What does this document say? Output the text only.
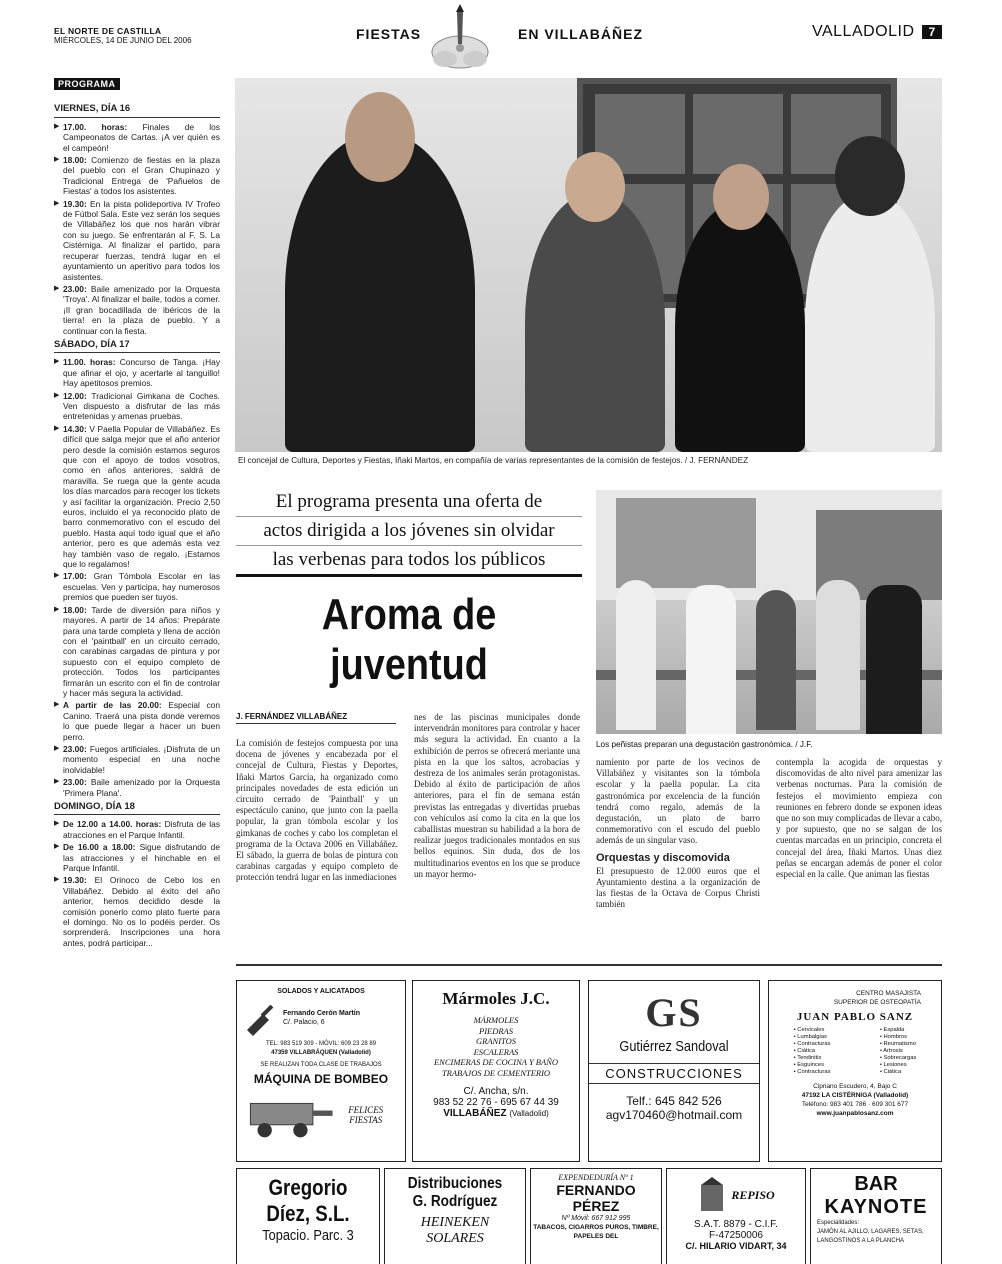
EL NORTE DE CASTILLA
MIÉRCOLES, 14 DE JUNIO DEL 2006	FIESTAS	EN VILLABÁÑEZ	VALLADOLID	7
PROGRAMA
VIERNES, DÍA 16
▶ 17.00. horas: Finales de los Campeonatos de Cartas. ¡A ver quién es el campeón!
▶ 18.00: Comienzo de fiestas en la plaza del pueblo con el Gran Chupinazo y Tradicional Entrega de 'Pañuelos de Fiestas' a todos los asistentes.
▶ 19.30: En la pista polideportiva IV Trofeo de Fútbol Sala. Este vez serán los seques de Villabáñez los que nos harán vibrar con su juego. Se enfrentarán al F. S. La Cistérniga. Al finalizar el partido, para recuperar fuerzas, tendrá lugar en el ayuntamiento un aperitivo para todos los asistentes.
▶ 23.00: Baile amenizado por la Orquesta 'Troya'. Al finalizar el baile, todos a comer. ¡Il gran bocadillada de ibéricos de la tierra! en la plaza de pueblo. Y a continuar con la fiesta.
SÁBADO, DÍA 17
▶ 11.00. horas: Concurso de Tanga. ¡Hay que afinar el ojo, y acertarle al tanguillo! Hay apetitosos premios.
▶ 12.00: Tradicional Gimkana de Coches. Ven dispuesto a disfrutar de las más entretenidas y amenas pruebas.
▶ 14.30: V Paella Popular de Villabáñez. Es difícil que salga mejor que el año anterior pero desde la comisión estamos seguros que con el apoyo de todos vosotros, como en años anteriores, saldrá de maravilla. Se ruega que la gente acuda los días marcados para recoger los tickets y así facilitar la organización. Precio 2,50 euros, incluido el ya reconocido plato de barro conmemorativo con el escudo del pueblo. Hasta aquí todo igual que el año anterior, pero es que además esta vez hay también vaso de regalo. ¡Estamos que lo regalamos!
▶ 17.00: Gran Tómbola Escolar en las escuelas. Ven y participa, hay numerosos premios que pueden ser tuyos.
▶ 18.00: Tarde de diversión para niños y mayores. A partir de 14 años: Prepárate para una tarde completa y llena de acción con el 'paintball' en un circuito cerrado, con carabinas cargadas de pintura y por supuesto con el equipo completo de protección. Todos los participantes firmarán un escrito con el fin de controlar y hacer más segura la actividad.
▶ A partir de las 20.00: Especial con Canino. Traerá una pista donde veremos lo que puede llegar a hacer un buen perro.
▶ 23.00: Fuegos artificiales. ¡Disfruta de un momento especial en una noche inolvidable!
▶ 23.00: Baile amenizado por la Orquesta 'Primera Plana'.
DOMINGO, DÍA 18
▶ De 12.00 a 14.00. horas: Disfruta de las atracciones en el Parque Infantil.
▶ De 16.00 a 18.00: Sigue disfrutando de las atracciones y el hinchable en el Parque Infantil.
▶ 19.30: El Orinoco de Cebo los en Villabáñez. Debido al éxito del año anterior, hemos decidido desde la comisión ponerlo como plato fuerte para el domingo. No os lo podéis perder. Os sorprenderá. Inscripciones una hora antes, podrá participar...
El concejal de Cultura, Deportes y Fiestas, Iñaki Martos, en compañía de varias representantes de la comisión de festejos. / J. FERNÁNDEZ
El programa presenta una oferta de
actos dirigida a los jóvenes sin olvidar
las verbenas para todos los públicos
Aroma de
juventud
J. FERNÁNDEZ VILLABÁÑEZ
Los peñistas preparan una degustación gastronómica. / J.F.
La comisión de festejos compuesta por una docena de jóvenes y encabezada por el concejal de Cultura, Fiestas y Deportes, Iñaki Martos García, ha organizado como principales novedades de esta edición un circuito cerrado de 'Paintball' y un espectáculo canino, que junto con la paella popular, la gran tómbola escolar y los gimkanas de coches y cabo los completan el programa de la Octava 2006 en Villabáñez. El sábado, la guerra de bolas de pintura con carabinas cargadas y equipo completo de protección tendrá lugar en las inmediaciones
nes de las piscinas municipales donde intervendrán monitores para controlar y hacer más segura la actividad. En cuanto a la exhibición de perros se ofrecerá meriante una pista en la que los saltos, acrobacias y destreza de los animales serán protagonistas. Debido al éxito de participación de años anteriores, para el fin de semana están previstas las entregadas y divertidas pruebas con vehículos así como la cita en la que los caballistas muestran su habilidad a la hora de realizar juegos tradicionales montados en sus bellos equinos. Sin duda, dos de los multitudinarios eventos en los que se produce un mayor hermo-
namiento por parte de los vecinos de Villabáñez y visitantes son la tómbola escolar y la paella popular. La cita gastronómica por excelencia de la función tendrá como regalo, además de la degustación, un plato de barro conmemorativo con el escudo del pueblo además de un singular vaso.
Orquestas y discomovida
El presupuesto de 12.000 euros que el Ayuntamiento destina a la organización de las fiestas de la Octava de Corpus Christi también
contempla la acogida de orquestas y discomovidas de alto nivel para amenizar las verbenas nocturnas. Para la comisión de festejos el movimiento empieza con reuniones en febrero donde se exponen ideas que no son muy complicadas de llevar a cabo, y por supuesto, que no se salgan de los cuentas marcadas en un principio, concreta el concejal del área, Iñaki Martos. Unas diez peñas se encargan además de poner el color especial en la calle. Que animan las fiestas
SOLADOS Y ALICATADOS
Fernando Cerón Martín
C/. Palacio, 6
TEL: 983 519 309 - MÓVIL: 609 23 28 89
47359 VILLABRÁQUEN (Valladolid)
SE REALIZAN TODA CLASE DE TRABAJOS
MÁQUINA DE BOMBEO
FELICES FIESTAS
Mármoles J.C.
MÁRMOLES
PIEDRAS
GRANITOS
ESCALERAS
ENCIMERAS DE COCINA Y BAÑO
TRABAJOS DE CEMENTERIO
C/. Ancha, s/n.
983 52 22 76 - 695 67 44 39
VILLABÁÑEZ (Valladolid)
GS
Gutiérrez Sandoval
CONSTRUCCIONES
Telf.: 645 842 526
agv170460@hotmail.com
CENTRO MASAJISTA SUPERIOR DE OSTEOPATÍA
JUAN PABLO SANZ
• Cervicales
• Lumbalgias
• Contracturas
• Ciática
• Tendinitis
• Esguinces
• Contracturas
• Espalda
• Hombros
• Reumatismo
• Artrosis
• Sobrecargas
• Lesiones
• Ciática
Cipriano Escudero, 4, Bajo C
47192 LA CISTÉRNIGA (Valladolid)
Teléfono: 983 401 786 · 609 301 677
www.juanpablosanz.com
Gregorio
Díez, S.L.
Topacio. Parc. 3
Distribuciones
G. Rodríguez
HEINEKEN
SOLARES
EXPENDEDURÍA Nº 1
FERNANDO
PÉREZ
Nº Móvil: 667 912 995
TABACOS, CIGARROS PUROS, TIMBRE, PAPELES DEL
REPISO
S.A.T. 8879 - C.I.F.
F-47250006
C/. HILARIO VIDART, 34
BAR
KAYNOTE
Especialidades:
JAMÓN AL AJILLO, LAGARES, SETAS, LANGOSTINOS A LA PLANCHA
